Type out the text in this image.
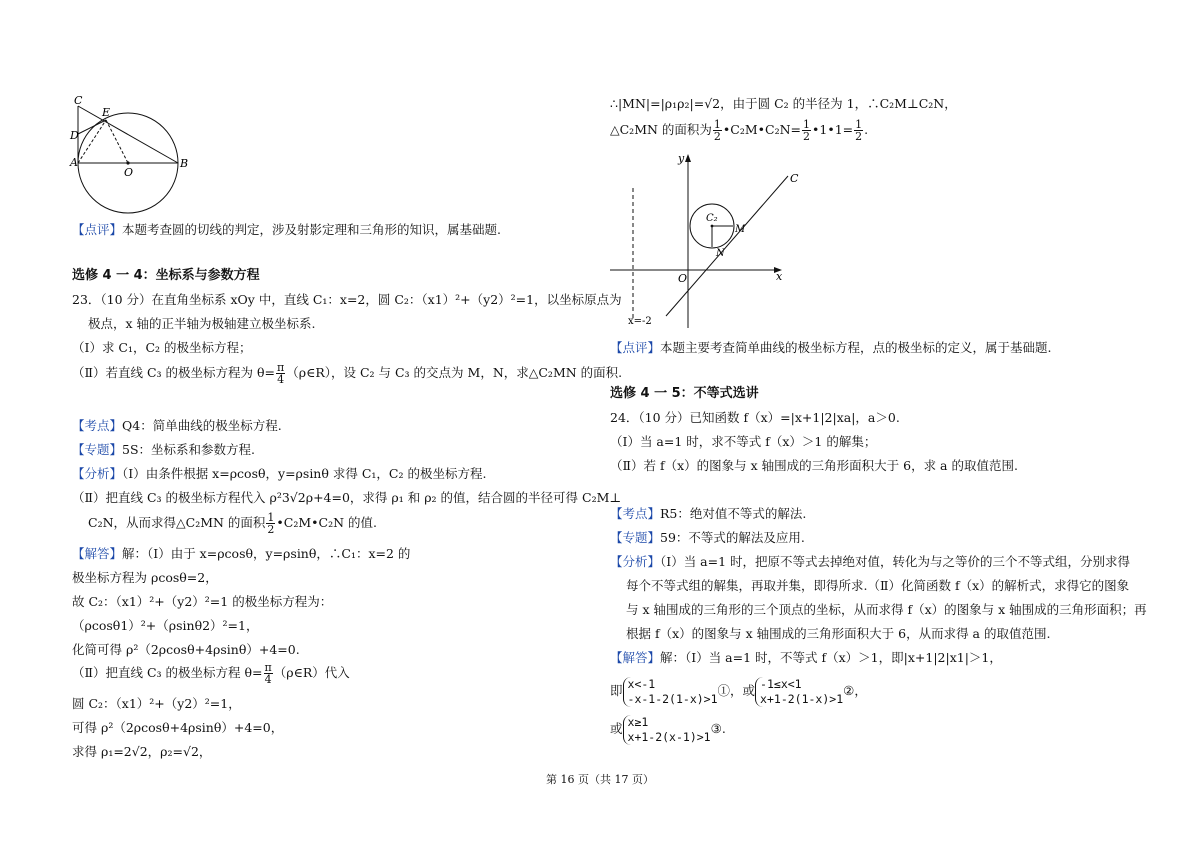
C
E
D
A
O
B
【点评】本题考查圆的切线的判定，涉及射影定理和三角形的知识，属基础题.
选修 4 一 4：坐标系与参数方程
23．（10 分）在直角坐标系 xOy 中，直线 C₁：x=2，圆 C₂：（x1）²+（y2）²=1，以坐标原点为
极点，x 轴的正半轴为极轴建立极坐标系.
（Ⅰ）求 C₁，C₂ 的极坐标方程；
（Ⅱ）若直线 C₃ 的极坐标方程为 $\theta= \frac{\pi}{4}$ （ρ∈R），设 C₂ 与 C₃ 的交点为 M，N，求△C₂MN 的面积.
【考点】Q4：简单曲线的极坐标方程.
【专题】5S：坐标系和参数方程.
【分析】（Ⅰ）由条件根据 x=ρcosθ，y=ρsinθ 求得 C₁，C₂ 的极坐标方程.
（Ⅱ）把直线 C₃ 的极坐标方程代入 ρ²3√2ρ+4=0，求得 ρ₁ 和 ρ₂ 的值，结合圆的半径可得 C₂M⊥
C₂N，从而求得△C₂MN 的面积 $\frac{1}{2}$ •C₂M•C₂N 的值.
【解答】解：（Ⅰ）由于 x=ρcosθ，y=ρsinθ，∴C₁：x=2 的
极坐标方程为 ρcosθ=2，
故 C₂：（x1）²+（y2）²=1 的极坐标方程为：
（ρcosθ1）²+（ρsinθ2）²=1，
化简可得 ρ²（2ρcosθ+4ρsinθ）+4=0.
（Ⅱ）把直线 C₃ 的极坐标方程 $\theta= \frac{\pi}{4}$ （ρ∈R）代入
圆 C₂：（x1）²+（y2）²=1，
可得 ρ²（2ρcosθ+4ρsinθ）+4=0，
求得 ρ₁=2√2，ρ₂=√2，
∴|MN|=|ρ₁ρ₂|=√2，由于圆 C₂ 的半径为 1，∴C₂M⊥C₂N，
△C₂MN 的面积为 $\frac{1}{2}$ •C₂M•C₂N= $\frac{1}{2}$ •1•1= $\frac{1}{2}$ .
y
x
O
C
C₂
M
N
x=-2
【点评】本题主要考查简单曲线的极坐标方程，点的极坐标的定义，属于基础题.
选修 4 一 5：不等式选讲
24．（10 分）已知函数 f（x）=|x+1|2|xa|，a＞0.
（Ⅰ）当 a=1 时，求不等式 f（x）＞1 的解集；
（Ⅱ）若 f（x）的图象与 x 轴围成的三角形面积大于 6，求 a 的取值范围.
【考点】R5：绝对值不等式的解法.
【专题】59：不等式的解法及应用.
【分析】（Ⅰ）当 a=1 时，把原不等式去掉绝对值，转化为与之等价的三个不等式组，分别求得
每个不等式组的解集，再取并集，即得所求.（Ⅱ）化简函数 f（x）的解析式，求得它的图象
与 x 轴围成的三角形的三个顶点的坐标，从而求得 f（x）的图象与 x 轴围成的三角形面积；再
根据 f（x）的图象与 x 轴围成的三角形面积大于 6，从而求得 a 的取值范围.
【解答】解：（Ⅰ）当 a=1 时，不等式 f（x）＞1，即|x+1|2|x1|＞1，
即 x<-1
-x-1-2(1-x)>1①，或 -1≤x<1
x+1-2(1-x)>1②，
或 x≥1
x+1-2(x-1)>1③.
第 16 页（共 17 页）
